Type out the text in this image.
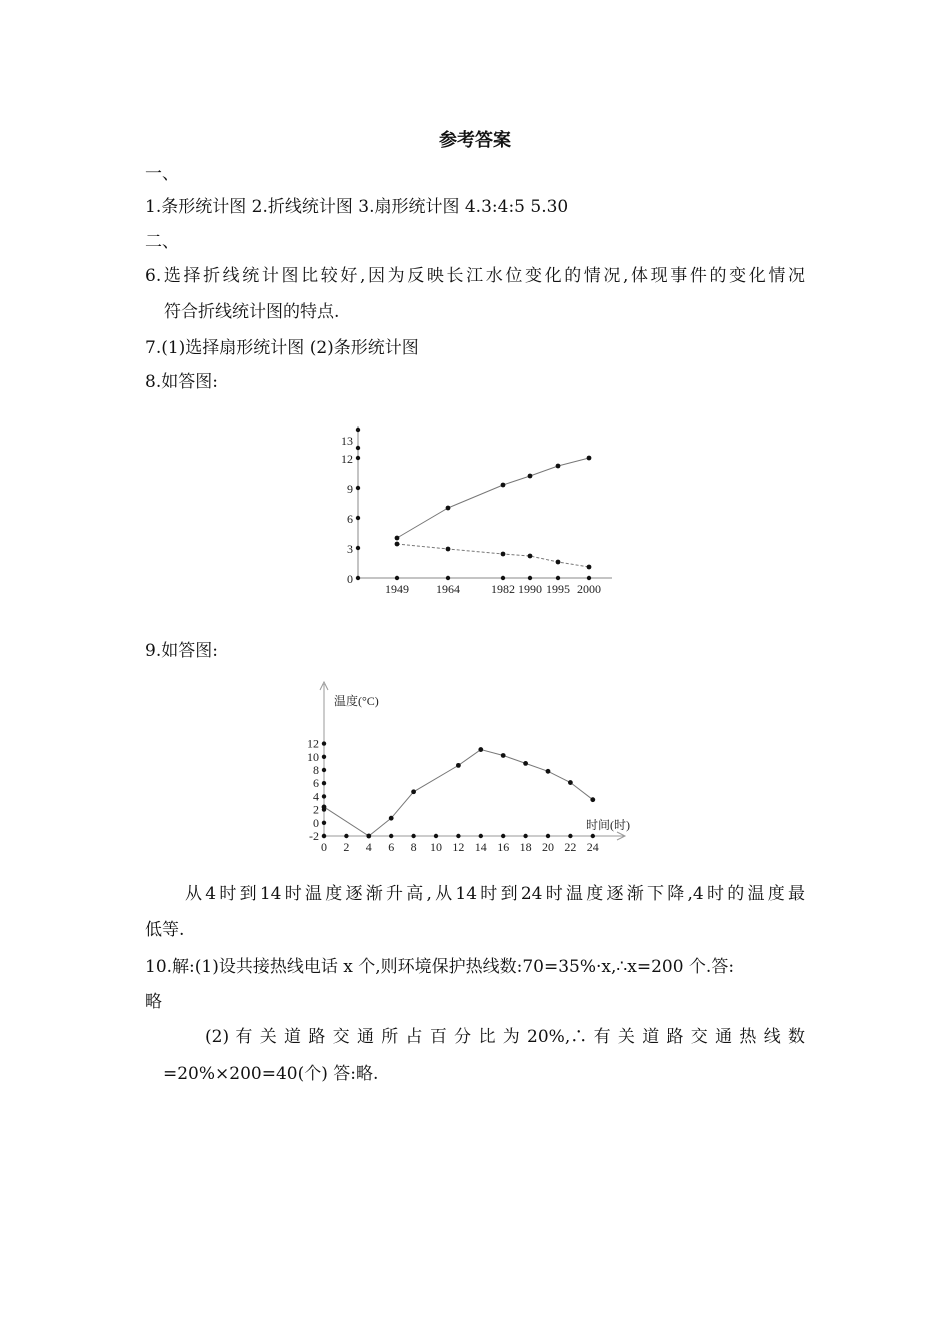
参考答案
一、
1.条形统计图 2.折线统计图 3.扇形统计图 4.3:4:5 5.30
二、
6.选择折线统计图比较好,因为反映长江水位变化的情况,体现事件的变化情况
符合折线统计图的特点.
7.(1)选择扇形统计图 (2)条形统计图
8.如答图:
0
3
6
9
12
13
1949 1964	1982 1990 1995 2000
9.如答图:
温度(°C)
时间(时)
-2
0
2
4
6
8
10
12
0 2 4 6 8 10 12 14 16 18 20 22 24
从4时到14时温度逐渐升高,从14时到24时温度逐渐下降,4时的温度最
低等.
10.解:(1)设共接热线电话 x 个,则环境保护热线数:70=35%·x,∴x=200 个.答:
略
(2) 有 关 道 路 交 通 所 占 百 分 比 为 20%,∴ 有 关 道 路 交 通 热 线 数
=20%×200=40(个) 答:略.
